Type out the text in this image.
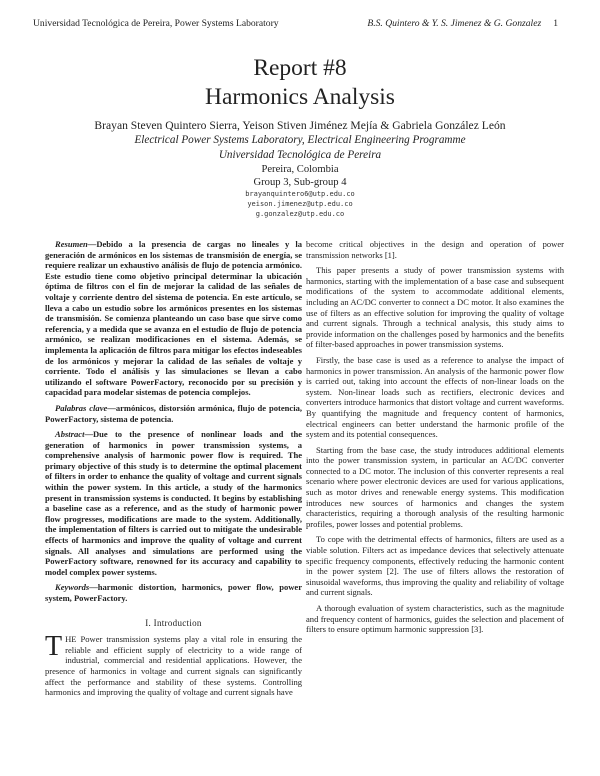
Universidad Tecnológica de Pereira, Power Systems Laboratory	B.S. Quintero & Y. S. Jimenez & G. Gonzalez 1
Report #8
Harmonics Analysis
Brayan Steven Quintero Sierra, Yeison Stiven Jiménez Mejía & Gabriela González León
Electrical Power Systems Laboratory, Electrical Engineering Programme
Universidad Tecnológica de Pereira
Pereira, Colombia
Group 3, Sub-group 4
brayanquintero6@utp.edu.co
yeison.jimenez@utp.edu.co
g.gonzalez@utp.edu.co

Resumen—Debido a la presencia de cargas no lineales y la generación de armónicos en los sistemas de transmisión de energía, se requiere realizar un exhaustivo análisis de flujo de potencia armónico. Este estudio tiene como objetivo principal determinar la ubicación óptima de filtros con el fin de mejorar la calidad de las señales de voltaje y corriente dentro del sistema de potencia. En este artículo, se lleva a cabo un estudio sobre los armónicos presentes en los sistemas de transmisión. Se comienza planteando un caso base que sirve como referencia, y a medida que se avanza en el estudio de flujo de potencia armónico, se realizan modificaciones en el sistema. Además, se implementa la aplicación de filtros para mitigar los efectos indeseables de los armónicos y mejorar la calidad de las señales de voltaje y corriente. Todo el análisis y las simulaciones se llevan a cabo utilizando el software PowerFactory, reconocido por su precisión y capacidad para modelar sistemas de potencia complejos.

Palabras clave—armónicos, distorsión armónica, flujo de potencia, PowerFactory, sistema de potencia.

Abstract—Due to the presence of nonlinear loads and the generation of harmonics in power transmission systems, a comprehensive analysis of harmonic power flow is required. The primary objective of this study is to determine the optimal placement of filters in order to enhance the quality of voltage and current signals within the power system. In this article, a study of the harmonics present in transmission systems is conducted. It begins by establishing a baseline case as a reference, and as the study of harmonic power flow progresses, modifications are made to the system. Additionally, the implementation of filters is carried out to mitigate the undesirable effects of harmonics and improve the quality of voltage and current signals. All analyses and simulations are performed using the PowerFactory software, renowned for its accuracy and capability to model complex power systems.

Keywords—harmonic distortion, harmonics, power flow, power system, PowerFactory.

I. Introduction

THE Power transmission systems play a vital role in ensuring the reliable and efficient supply of electricity to a wide range of industrial, commercial and residential applications. However, the presence of harmonics in voltage and current signals can significantly affect the performance and stability of these systems. Controlling harmonics and improving the quality of voltage and current signals have

become critical objectives in the design and operation of power transmission networks [1].

This paper presents a study of power transmission systems with harmonics, starting with the implementation of a base case and subsequent modifications of the system to accommodate additional elements, including an AC/DC converter to connect a DC motor. It also examines the use of filters as an effective solution for improving the quality of voltage and current signals. Through a technical analysis, this study aims to provide information on the challenges posed by harmonics and the benefits of filter-based approaches in power transmission systems.

Firstly, the base case is used as a reference to analyse the impact of harmonics in power transmission. An analysis of the harmonic power flow is carried out, taking into account the effects of non-linear loads on the system. Non-linear loads such as rectifiers, electronic devices and converters introduce harmonics that distort voltage and current waveforms. By quantifying the magnitude and frequency content of harmonics, electrical engineers can better understand the harmonic profile of the system and its potential consequences.

Starting from the base case, the study introduces additional elements into the power transmission system, in particular an AC/DC converter connected to a DC motor. The inclusion of this converter represents a real scenario where power electronic devices are used for various applications, such as motor drives and renewable energy systems. This modification introduces new sources of harmonics and changes the system characteristics, requiring a thorough analysis of the resulting harmonic profiles, power losses and potential problems.

To cope with the detrimental effects of harmonics, filters are used as a viable solution. Filters act as impedance devices that selectively attenuate specific frequency components, effectively reducing the harmonic content in the power system [2]. The use of filters allows the restoration of sinusoidal waveforms, thus improving the quality and reliability of voltage and current signals.

A thorough evaluation of system characteristics, such as the magnitude and frequency content of harmonics, guides the selection and placement of filters to ensure optimum harmonic suppression [3].
